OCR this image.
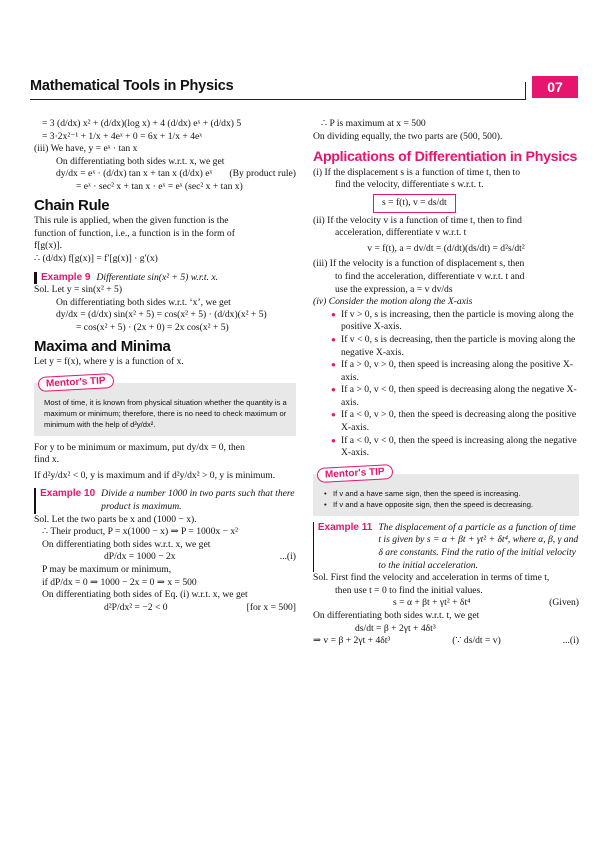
Mathematical Tools in Physics	07
= 3 (d/dx) x² + (d/dx)(log x) + 4 (d/dx) eˣ + (d/dx) 5
= 3·2x²⁻¹ + 1/x + 4eˣ + 0 = 6x + 1/x + 4eˣ
(iii) We have, y = eˣ · tan x
On differentiating both sides w.r.t. x, we get
dy/dx = eˣ · (d/dx) tan x + tan x (d/dx) eˣ (By product rule)
= eˣ · sec² x + tan x · eˣ = eˣ (sec² x + tan x)
Chain Rule
This rule is applied, when the given function is the
function of function, i.e., a function is in the form of
f[g(x)].
∴ (d/dx) f[g(x)] = f′[g(x)] · g′(x)
Example 9 Differentiate sin(x² + 5) w.r.t. x.
Sol. Let y = sin(x² + 5)
On differentiating both sides w.r.t. ‘x’, we get
dy/dx = (d/dx) sin(x² + 5) = cos(x² + 5) · (d/dx)(x² + 5)
= cos(x² + 5) · (2x + 0) = 2x cos(x² + 5)
Maxima and Minima
Let y = f(x), where y is a function of x.
Mentor's TIP
Most of time, it is known from physical situation whether the quantity is a maximum or minimum; therefore, there is no need to check maximum or minimum with the help of d²y/dx².
For y to be minimum or maximum, put dy/dx = 0, then
find x.
If d²y/dx² < 0, y is maximum and if d²y/dx² > 0, y is minimum.
Example 10 Divide a number 1000 in two parts such that there product is maximum.
Sol. Let the two parts be x and (1000 − x).
∴ Their product, P = x(1000 − x) ⇒ P = 1000x − x²
On differentiating both sides w.r.t. x, we get
dP/dx = 1000 − 2x	...(i)
P may be maximum or minimum,
if dP/dx = 0 ⇒ 1000 − 2x = 0 ⇒ x = 500
On differentiating both sides of Eq. (i) w.r.t. x, we get
d²P/dx² = −2 < 0	[for x = 500]
∴ P is maximum at x = 500
On dividing equally, the two parts are (500, 500).
Applications of Differentiation in Physics
(i) If the displacement s is a function of time t, then to
find the velocity, differentiate s w.r.t. t.
s = f(t), v = ds/dt
(ii) If the velocity v is a function of time t, then to find
acceleration, differentiate v w.r.t. t
v = f(t), a = dv/dt = (d/dt)(ds/dt) = d²s/dt²
(iii) If the velocity is a function of displacement s, then
to find the acceleration, differentiate v w.r.t. t and
use the expression, a = v dv/ds
(iv) Consider the motion along the X-axis
● If v > 0, s is increasing, then the particle is moving along the positive X-axis.
● If v < 0, s is decreasing, then the particle is moving along the negative X-axis.
● If a > 0, v > 0, then speed is increasing along the positive X-axis.
● If a > 0, v < 0, then speed is decreasing along the negative X-axis.
● If a < 0, v > 0, then the speed is decreasing along the positive X-axis.
● If a < 0, v < 0, then the speed is increasing along the negative X-axis.
Mentor's TIP
• If v and a have same sign, then the speed is increasing.
• If v and a have opposite sign, then the speed is decreasing.
Example 11 The displacement of a particle as a function of time t is given by s = α + βt + γt² + δt⁴, where α, β, γ and δ are constants. Find the ratio of the initial velocity to the initial acceleration.
Sol. First find the velocity and acceleration in terms of time t,
then use t = 0 to find the initial values.
s = α + βt + γt² + δt⁴	(Given)
On differentiating both sides w.r.t. t, we get
ds/dt = β + 2γt + 4δt³
⇒ v = β + 2γt + 4δt³	(∵ ds/dt = v)	...(i)
